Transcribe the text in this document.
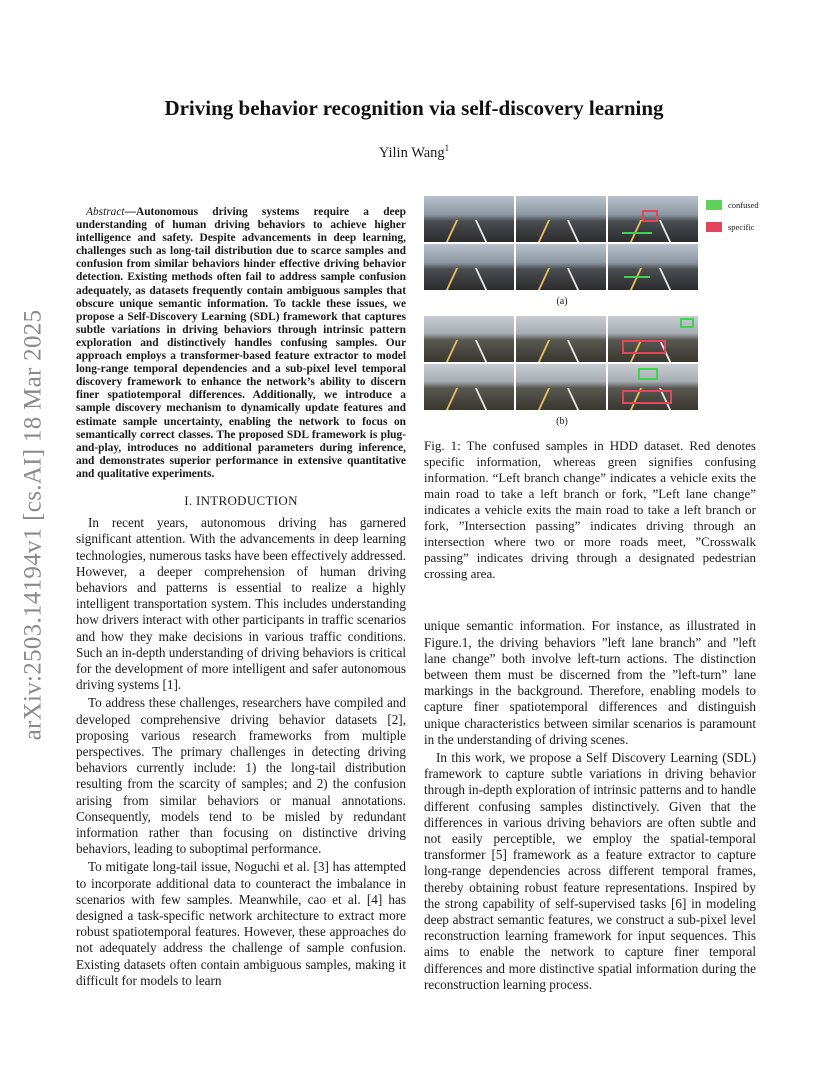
arXiv:2503.14194v1 [cs.AI] 18 Mar 2025
Driving behavior recognition via self-discovery learning
Yilin Wang$^1$

Abstract—Autonomous driving systems require a deep understanding of human driving behaviors to achieve higher intelligence and safety. Despite advancements in deep learning, challenges such as long-tail distribution due to scarce samples and confusion from similar behaviors hinder effective driving behavior detection. Existing methods often fail to address sample confusion adequately, as datasets frequently contain ambiguous samples that obscure unique semantic information. To tackle these issues, we propose a Self-Discovery Learning (SDL) framework that captures subtle variations in driving behaviors through intrinsic pattern exploration and distinctively handles confusing samples. Our approach employs a transformer-based feature extractor to model long-range temporal dependencies and a sub-pixel level temporal discovery framework to enhance the network’s ability to discern finer spatiotemporal differences. Additionally, we introduce a sample discovery mechanism to dynamically update features and estimate sample uncertainty, enabling the network to focus on semantically correct classes. The proposed SDL framework is plug-and-play, introduces no additional parameters during inference, and demonstrates superior performance in extensive quantitative and qualitative experiments.

I. INTRODUCTION

In recent years, autonomous driving has garnered significant attention. With the advancements in deep learning technologies, numerous tasks have been effectively addressed. However, a deeper comprehension of human driving behaviors and patterns is essential to realize a highly intelligent transportation system. This includes understanding how drivers interact with other participants in traffic scenarios and how they make decisions in various traffic conditions. Such an in-depth understanding of driving behaviors is critical for the development of more intelligent and safer autonomous driving systems [1].

To address these challenges, researchers have compiled and developed comprehensive driving behavior datasets [2], proposing various research frameworks from multiple perspectives. The primary challenges in detecting driving behaviors currently include: 1) the long-tail distribution resulting from the scarcity of samples; and 2) the confusion arising from similar behaviors or manual annotations. Consequently, models tend to be misled by redundant information rather than focusing on distinctive driving behaviors, leading to suboptimal performance.

To mitigate long-tail issue, Noguchi et al. [3] has attempted to incorporate additional data to counteract the imbalance in scenarios with few samples. Meanwhile, cao et al. [4] has designed a task-specific network architecture to extract more robust spatiotemporal features. However, these approaches do not adequately address the challenge of sample confusion. Existing datasets often contain ambiguous samples, making it difficult for models to learn

confused
specific
(a)
(b)

Fig. 1: The confused samples in HDD dataset. Red denotes specific information, whereas green signifies confusing information. “Left branch change” indicates a vehicle exits the main road to take a left branch or fork, ”Left lane change” indicates a vehicle exits the main road to take a left branch or fork, ”Intersection passing” indicates driving through an intersection where two or more roads meet, ”Crosswalk passing” indicates driving through a designated pedestrian crossing area.

unique semantic information. For instance, as illustrated in Figure.1, the driving behaviors ”left lane branch” and ”left lane change” both involve left-turn actions. The distinction between them must be discerned from the ”left-turn” lane markings in the background. Therefore, enabling models to capture finer spatiotemporal differences and distinguish unique characteristics between similar scenarios is paramount in the understanding of driving scenes.

In this work, we propose a Self Discovery Learning (SDL) framework to capture subtle variations in driving behavior through in-depth exploration of intrinsic patterns and to handle different confusing samples distinctively. Given that the differences in various driving behaviors are often subtle and not easily perceptible, we employ the spatial-temporal transformer [5] framework as a feature extractor to capture long-range dependencies across different temporal frames, thereby obtaining robust feature representations. Inspired by the strong capability of self-supervised tasks [6] in modeling deep abstract semantic features, we construct a sub-pixel level reconstruction learning framework for input sequences. This aims to enable the network to capture finer temporal differences and more distinctive spatial information during the reconstruction learning process.
